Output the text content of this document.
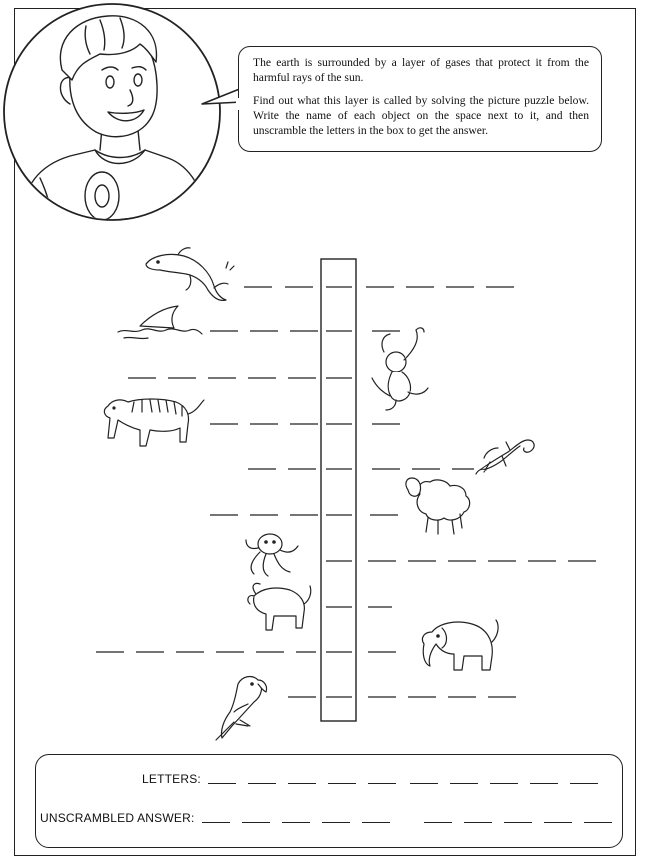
The earth is surrounded by a layer of gases that protect it from the harmful rays of the sun.

Find out what this layer is called by solving the picture puzzle below. Write the name of each object on the space next to it, and then unscramble the letters in the box to get the answer.

LETTERS:
UNSCRAMBLED ANSWER:
